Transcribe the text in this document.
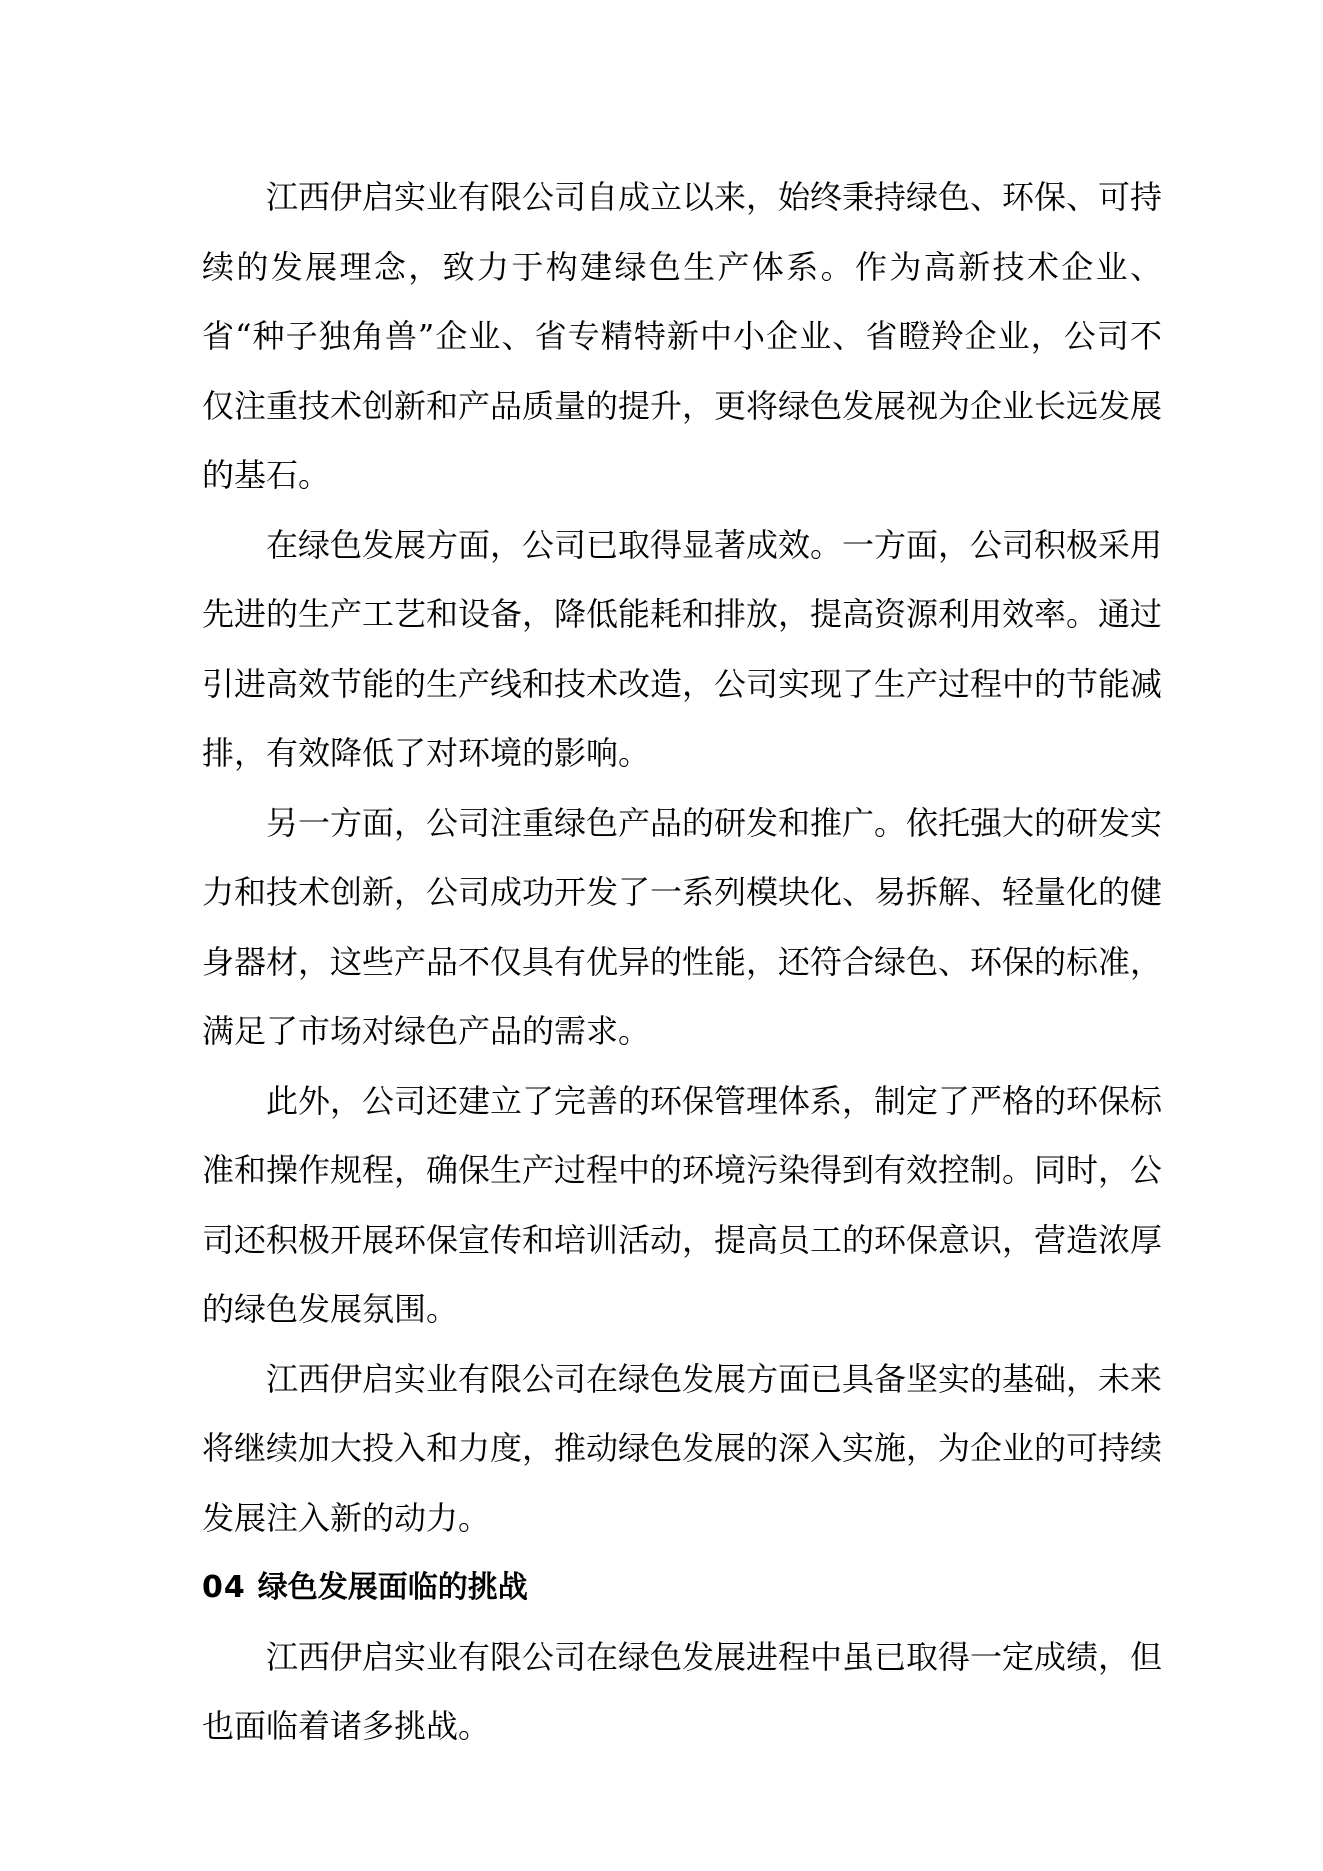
江西伊启实业有限公司自成立以来，始终秉持绿色、环保、可持续的发展理念，致力于构建绿色生产体系。作为高新技术企业、省“种子独角兽”企业、省专精特新中小企业、省瞪羚企业，公司不仅注重技术创新和产品质量的提升，更将绿色发展视为企业长远发展的基石。

在绿色发展方面，公司已取得显著成效。一方面，公司积极采用先进的生产工艺和设备，降低能耗和排放，提高资源利用效率。通过引进高效节能的生产线和技术改造，公司实现了生产过程中的节能减排，有效降低了对环境的影响。

另一方面，公司注重绿色产品的研发和推广。依托强大的研发实力和技术创新，公司成功开发了一系列模块化、易拆解、轻量化的健身器材，这些产品不仅具有优异的性能，还符合绿色、环保的标准，满足了市场对绿色产品的需求。

此外，公司还建立了完善的环保管理体系，制定了严格的环保标准和操作规程，确保生产过程中的环境污染得到有效控制。同时，公司还积极开展环保宣传和培训活动，提高员工的环保意识，营造浓厚的绿色发展氛围。

江西伊启实业有限公司在绿色发展方面已具备坚实的基础，未来将继续加大投入和力度，推动绿色发展的深入实施，为企业的可持续发展注入新的动力。

04 绿色发展面临的挑战

江西伊启实业有限公司在绿色发展进程中虽已取得一定成绩，但也面临着诸多挑战。
